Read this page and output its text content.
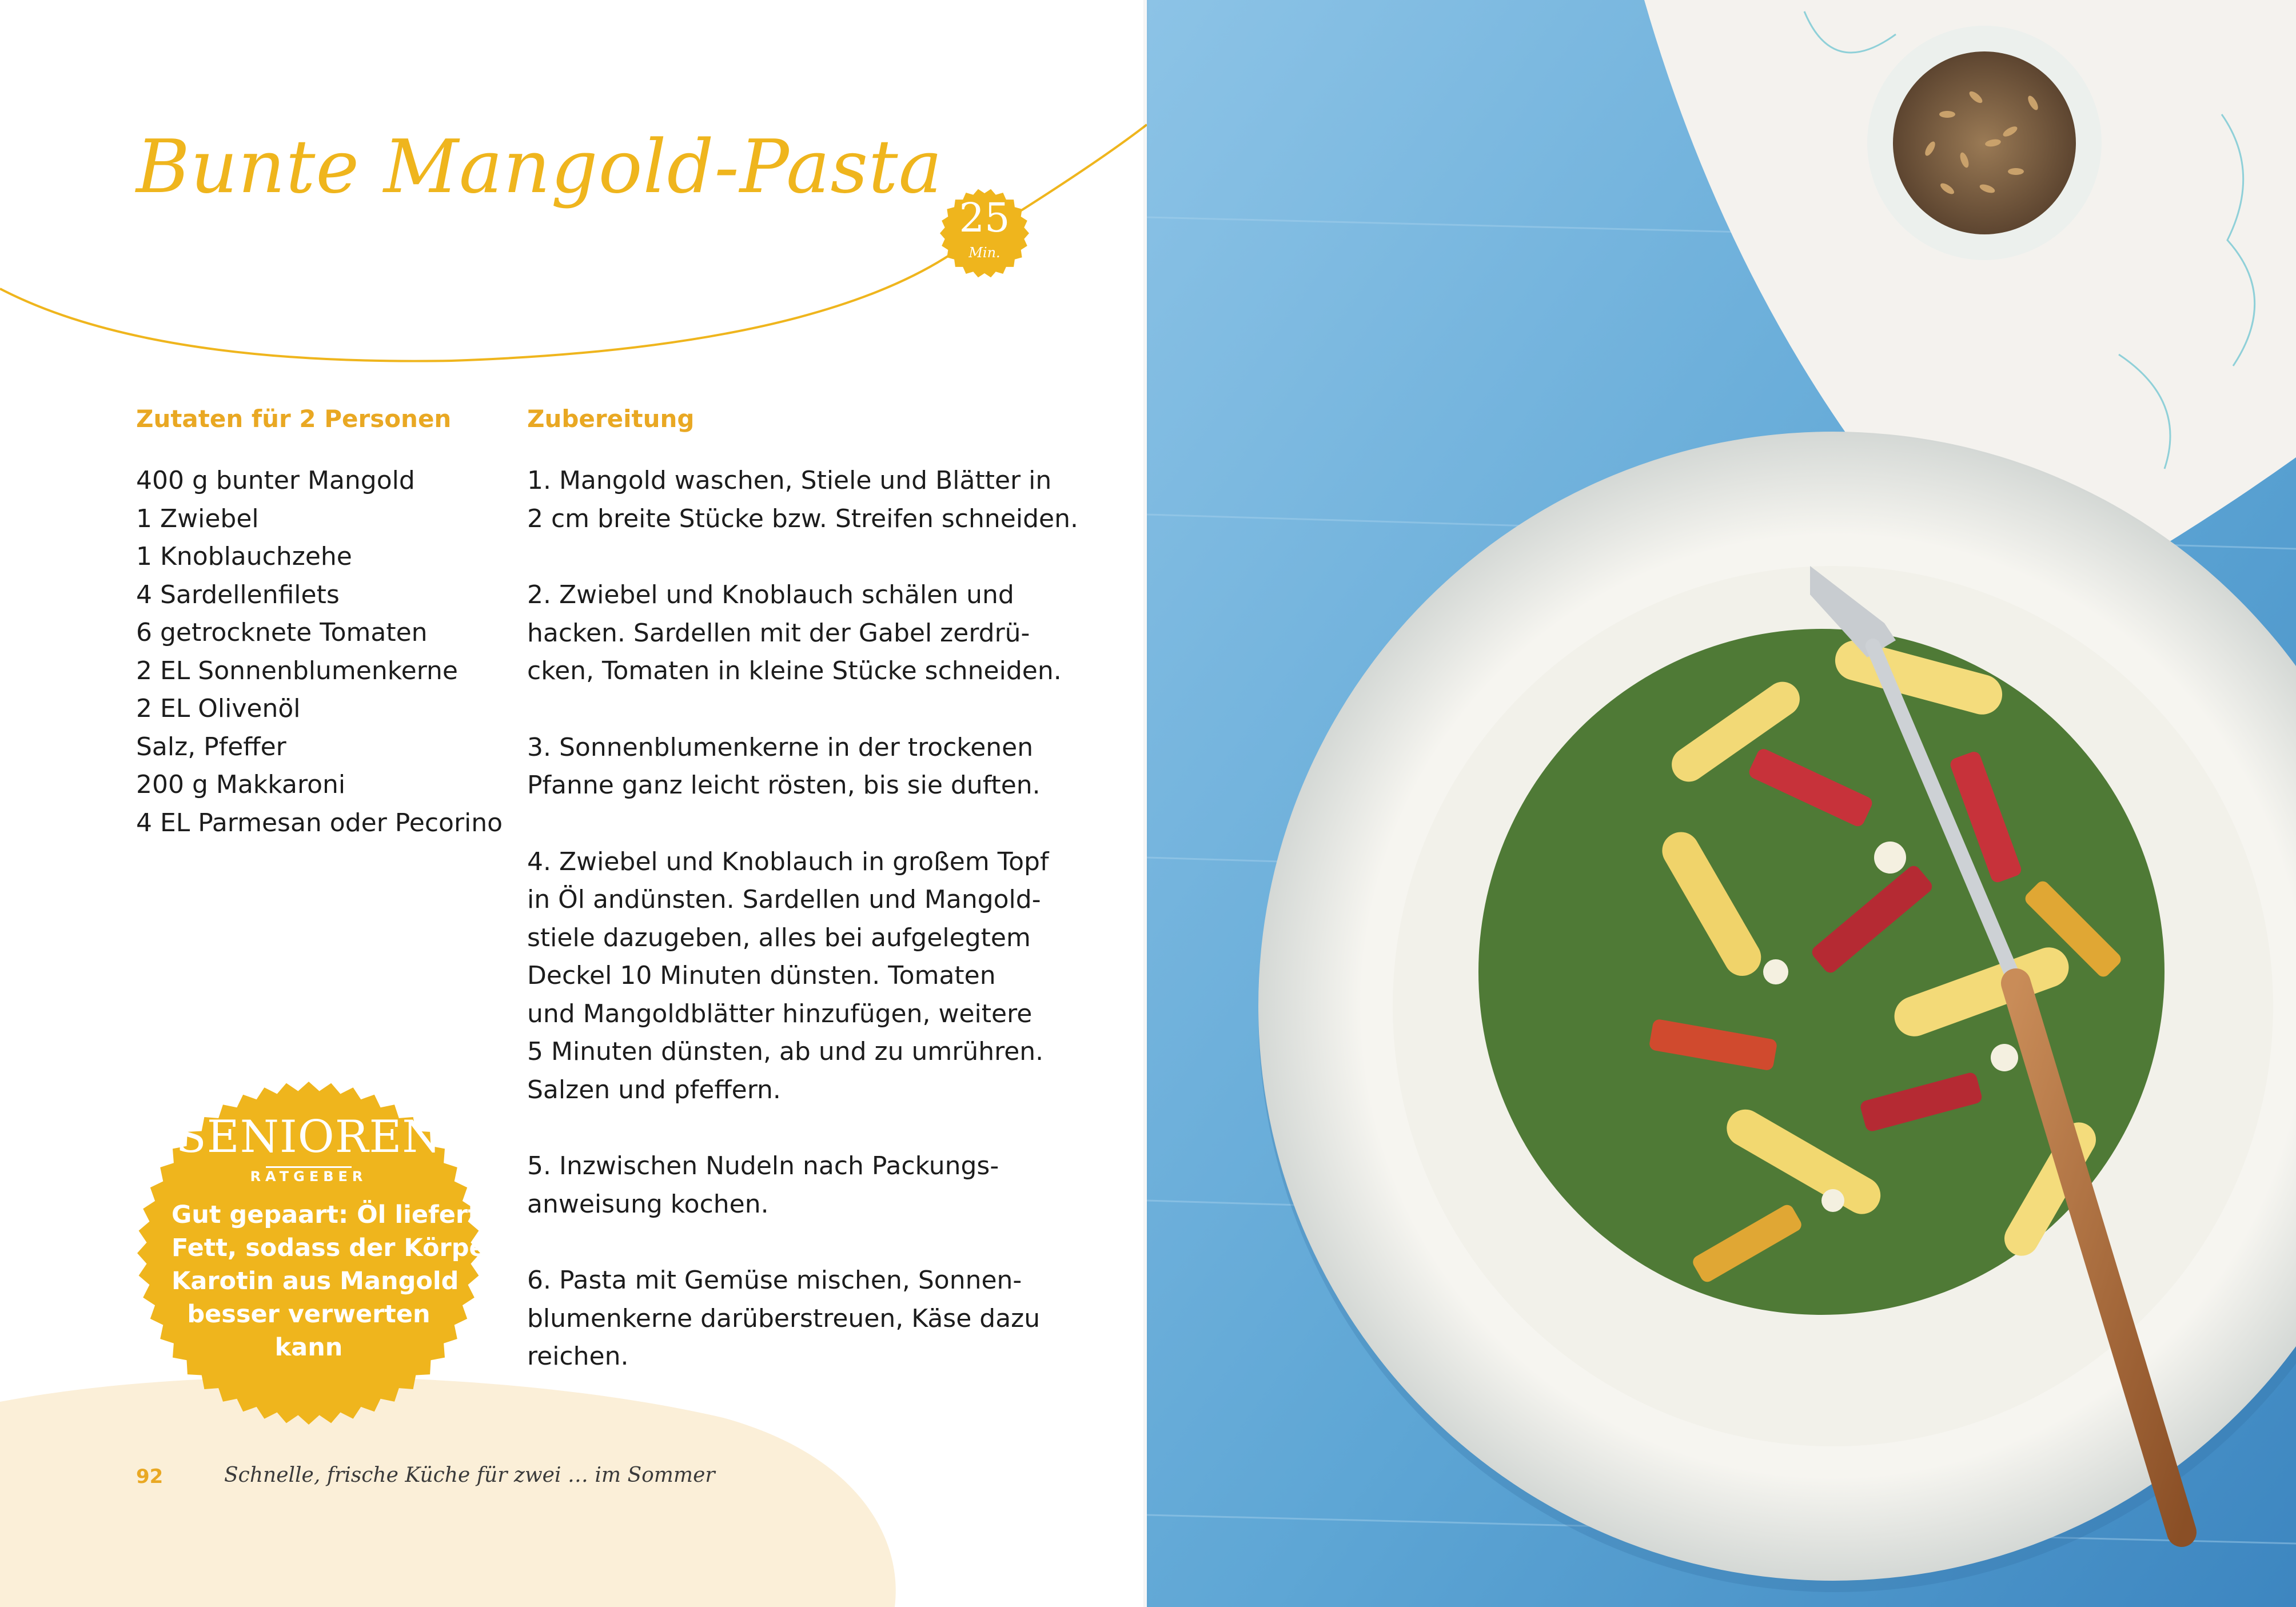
Bunte Mangold-Pasta
25
Min.
Zutaten für 2 Personen
400 g bunter Mangold
1 Zwiebel
1 Knoblauchzehe
4 Sardellenfilets
6 getrocknete Tomaten
2 EL Sonnenblumenkerne
2 EL Olivenöl
Salz, Pfeffer
200 g Makkaroni
4 EL Parmesan oder Pecorino
Zubereitung

1. Mangold waschen, Stiele und Blätter in
2 cm breite Stücke bzw. Streifen schneiden.

2. Zwiebel und Knoblauch schälen und
hacken. Sardellen mit der Gabel zerdrü-
cken, Tomaten in kleine Stücke schneiden.

3. Sonnenblumenkerne in der trockenen
Pfanne ganz leicht rösten, bis sie duften.

4. Zwiebel und Knoblauch in großem Topf
in Öl andünsten. Sardellen und Mangold-
stiele dazugeben, alles bei aufgelegtem
Deckel 10 Minuten dünsten. Tomaten
und Mangoldblätter hinzufügen, weitere
5 Minuten dünsten, ab und zu umrühren.
Salzen und pfeffern.

5. Inzwischen Nudeln nach Packungs-
anweisung kochen.

6. Pasta mit Gemüse mischen, Sonnen-
blumenkerne darüberstreuen, Käse dazu
reichen.

SENIOREN
RATGEBER
Gut gepaart: Öl liefert
Fett, sodass der Körper
Karotin aus Mangold
besser verwerten
kann

92	Schnelle, frische Küche für zwei … im Sommer
